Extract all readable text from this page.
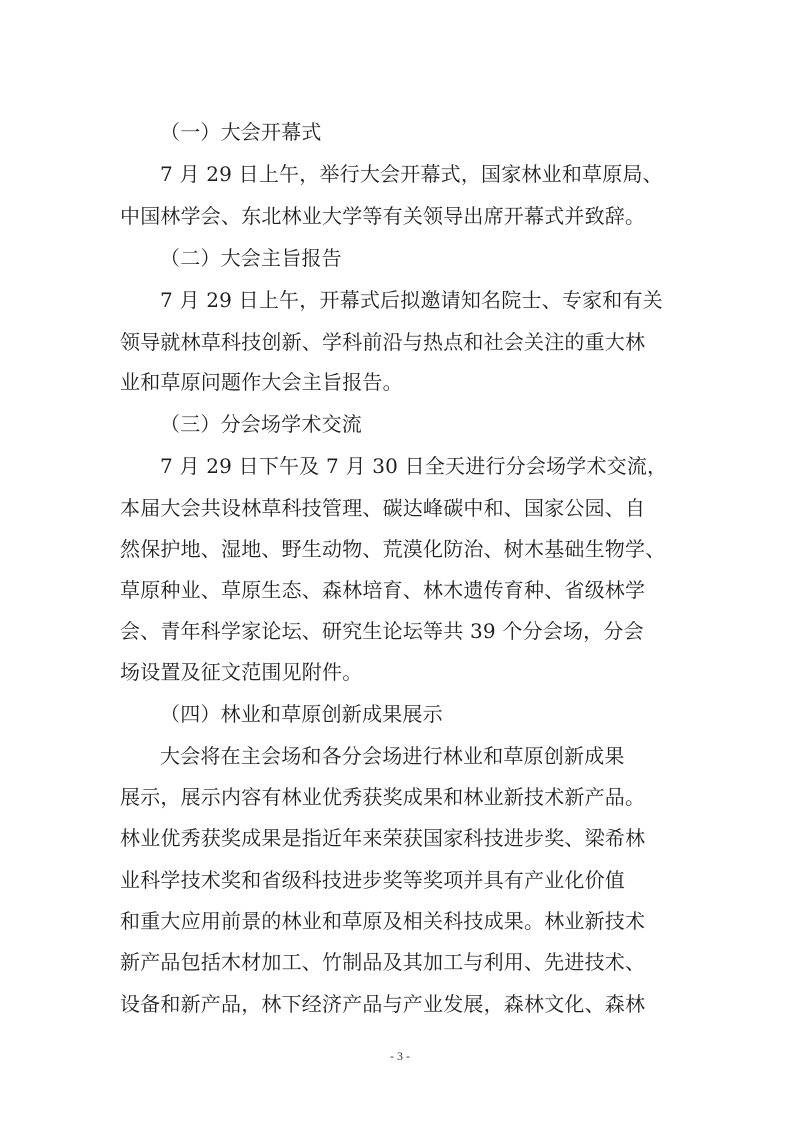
（一）大会开幕式
7 月 29 日上午，举行大会开幕式，国家林业和草原局、
中国林学会、东北林业大学等有关领导出席开幕式并致辞。
（二）大会主旨报告
7 月 29 日上午，开幕式后拟邀请知名院士、专家和有关
领导就林草科技创新、学科前沿与热点和社会关注的重大林
业和草原问题作大会主旨报告。
（三）分会场学术交流
7 月 29 日下午及 7 月 30 日全天进行分会场学术交流，
本届大会共设林草科技管理、碳达峰碳中和、国家公园、自
然保护地、湿地、野生动物、荒漠化防治、树木基础生物学、
草原种业、草原生态、森林培育、林木遗传育种、省级林学
会、青年科学家论坛、研究生论坛等共 39 个分会场，分会
场设置及征文范围见附件。
（四）林业和草原创新成果展示
大会将在主会场和各分会场进行林业和草原创新成果
展示，展示内容有林业优秀获奖成果和林业新技术新产品。
林业优秀获奖成果是指近年来荣获国家科技进步奖、梁希林
业科学技术奖和省级科技进步奖等奖项并具有产业化价值
和重大应用前景的林业和草原及相关科技成果。林业新技术
新产品包括木材加工、竹制品及其加工与利用、先进技术、
设备和新产品，林下经济产品与产业发展，森林文化、森林
- 3 -
